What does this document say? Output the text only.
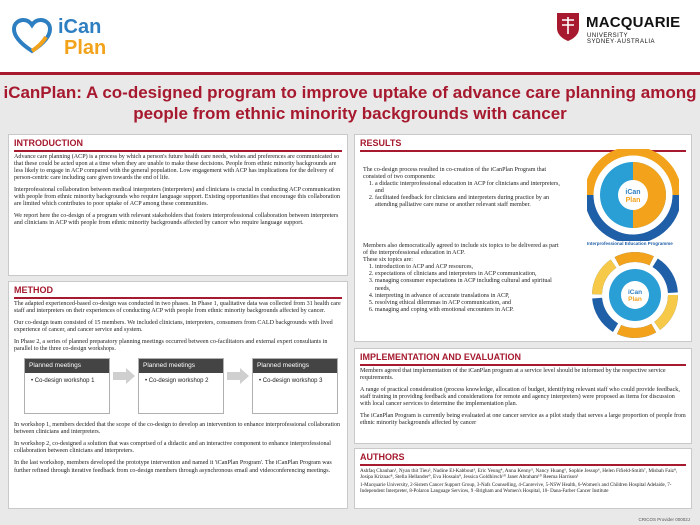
iCan
Plan
MACQUARIE
UNIVERSITY SYDNEY·AUSTRALIA
iCanPlan: A co-designed program to improve uptake of advance care planning among people from ethnic minority backgrounds with cancer
INTRODUCTION

Advance care planning (ACP) is a process by which a person's future health care needs, wishes and preferences are communicated so that these could be acted upon at a time when they are unable to make these decisions. People from ethnic minority backgrounds are less likely to engage in ACP compared with the general population. Low engagement with ACP has implications for the delivery of person-centric care including care given towards the end of life.

Interprofessional collaboration between medical interpreters (interpreters) and clinicians is crucial in conducting ACP communication with people from ethnic minority backgrounds who require language support. Existing opportunities that encourage this collaboration are limited which contributes to poor uptake of ACP among these communities.

We report here the co-design of a program with relevant stakeholders that fosters interprofessional collaboration between interpreters and clinicians in ACP with people from ethnic minority backgrounds affected by cancer who require language support.

METHOD

The adapted experienced-based co-design was conducted in two phases. In Phase 1, qualitative data was collected from 31 health care staff and interpreters on their experiences of conducting ACP with people from ethnic minority backgrounds affected by cancer.

Our co-design team consisted of 15 members. We included clinicians, interpreters, consumers from CALD backgrounds with lived experience of cancer, and cancer service and system.

In Phase 2, a series of planned preparatory planning meetings occurred between co-facilitators and external expert consultants in parallel to the three co-design workshops.

Planned meetings
• Co-design workshop 1
Planned meetings
• Co-design workshop 2
Planned meetings
• Co-design workshop 3

In workshop 1, members decided that the scope of the co-design to develop an intervention to enhance interprofessional collaboration between clinicians and interpreters.

In workshop 2, co-designed a solution that was comprised of a didactic and an interactive component to enhance interprofessional collaboration between clinicians and interpreters.

In the last workshop, members developed the prototype intervention and named it 'iCanPlan Program'. The iCanPlan Program was further refined through iterative feedback from co-design members through asynchronous email and videoconferencing meetings.

RESULTS

The co-design process resulted in co-creation of the iCanPlan Program that consisted of two components:

1. a didactic interprofessional education in ACP for clinicians and interpreters, and
2. facilitated feedback for clinicians and interpreters during practice by an attending palliative care nurse or another relevant staff member.

Members also democratically agreed to include six topics to be delivered as part of the interprofessional education in ACP.

These six topics are:

1. introduction to ACP and ACP resources,
2. expectations of clinicians and interpreters in ACP communication,
3. managing consumer expectations in ACP including cultural and spiritual needs,
4. interpreting in advance of accurate translations in ACP,
5. resolving ethical dilemmas in ACP communication, and
6. managing and coping with emotional encounters in ACP.
iCan
Plan
Interprofessional Education Programme
iCan
Plan
IMPLEMENTATION AND EVALUATION

Members agreed that implementation of the iCanPlan program at a service level should be informed by the respective service requirements.

A range of practical consideration (process knowledge, allocation of budget, identifying relevant staff who could provide feedback, staff training in providing feedback and considerations for remote and agency interpreters) were proposed as items for discussion with local cancer services to determine the implementation plan.

The iCanPlan Program is currently being evaluated at one cancer service as a pilot study that serves a large proportion of people from ethnic minority backgrounds affected by cancer

AUTHORS
Ashfaq Chauhan¹, Nyan thit Tieu², Nadine El-Kabbout³, Eric Yeung⁴, Anna Kenny⁵, Nancy Huang⁶, Sophie Jessop⁶, Helen Fifield-Smith⁷, Misbah Faiz⁸, Josipa Kriznac⁸, Stella Hellander⁹, Eva Hossain⁹, Jessica Goldhirsch¹⁰ Janet Abraham¹⁰ Reema Harrison¹
1-Macquarie University, 2-Sistem Cancer Support Group, 3-Nafs Counselling, 4-Canrevive, 5-NSW Health, 6-Women's and Children Hospital Adelaide, 7-Independent Interpreter, 8-Polaron Language Services, 9 -Brigham and Women's Hospital, 10- Dana-Farber Cancer Institute
CRICOS Provider 00002J
